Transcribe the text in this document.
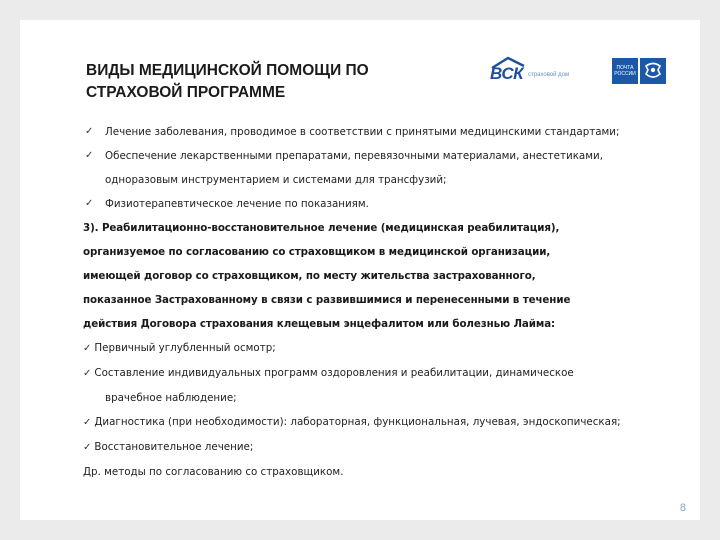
ВИДЫ МЕДИЦИНСКОЙ ПОМОЩИ ПО
СТРАХОВОЙ ПРОГРАММЕ
ВСК страховой дом
ПОЧТА
РОССИИ
✓ Лечение заболевания, проводимое в соответствии с принятыми медицинскими стандартами;
✓ Обеспечение лекарственными препаратами, перевязочными материалами, анестетиками,
одноразовым инструментарием и системами для трансфузий;
✓ Физиотерапевтическое лечение по показаниям.
3). Реабилитационно-восстановительное лечение (медицинская реабилитация),
организуемое по согласованию со страховщиком в медицинской организации,
имеющей договор со страховщиком, по месту жительства застрахованного,
показанное Застрахованному в связи с развившимися и перенесенными в течение
действия Договора страхования клещевым энцефалитом или болезнью Лайма:
✓ Первичный углубленный осмотр;
✓ Составление индивидуальных программ оздоровления и реабилитации, динамическое
врачебное наблюдение;
✓ Диагностика (при необходимости): лабораторная, функциональная, лучевая, эндоскопическая;
✓ Восстановительное лечение;
Др. методы по согласованию со страховщиком.
8
